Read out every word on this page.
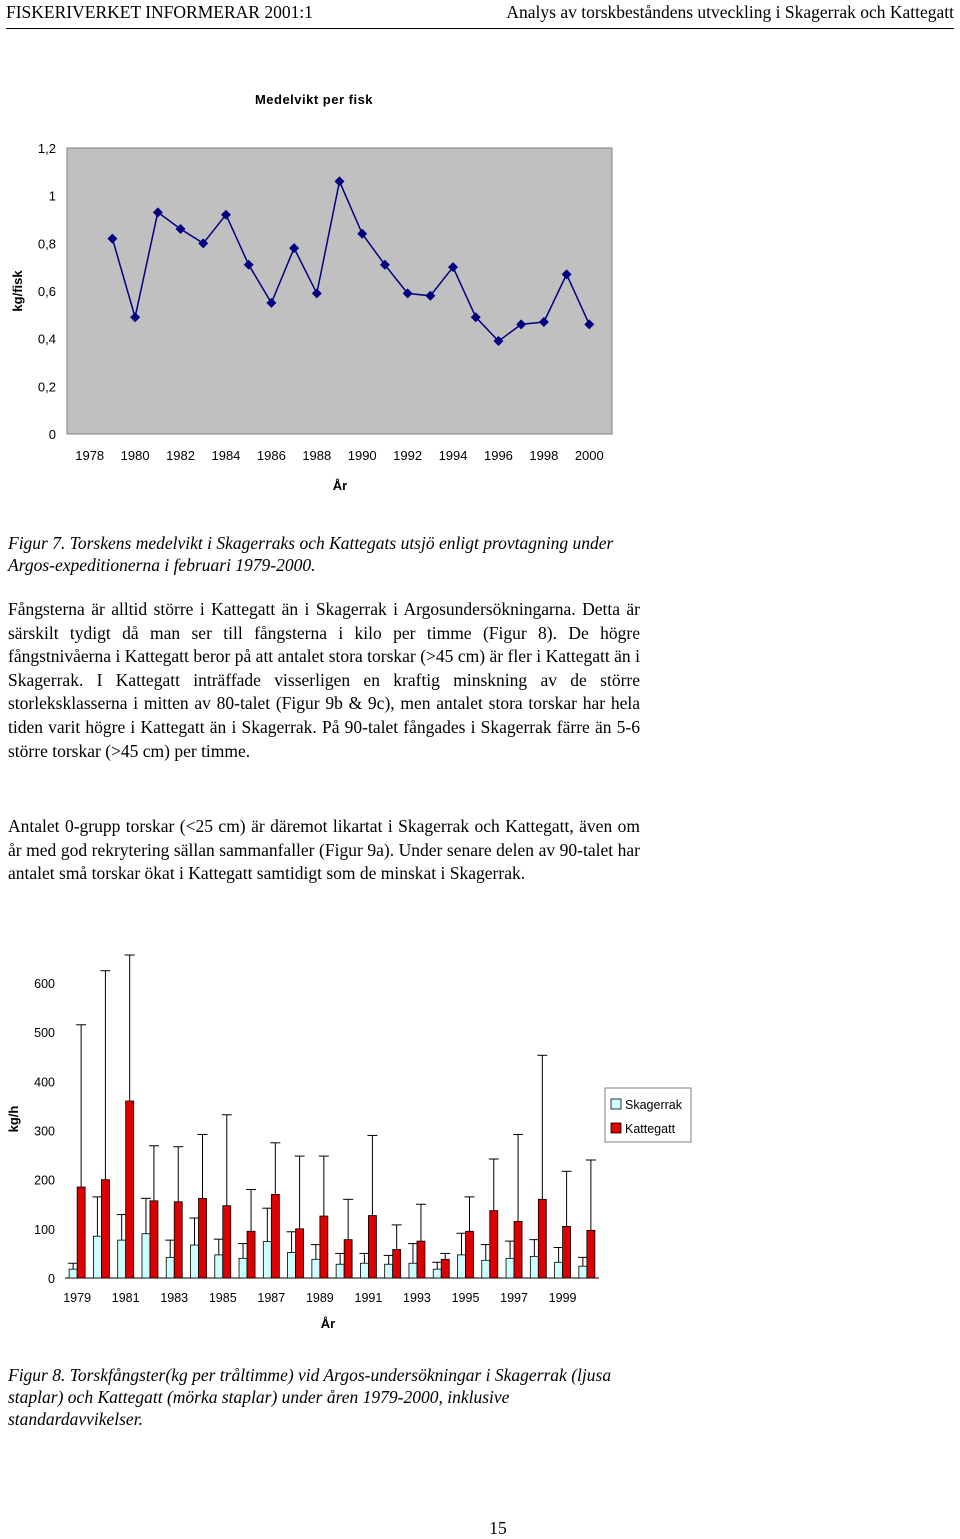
FISKERIVERKET INFORMERAR 2001:1	Analys av torskbeståndens utveckling i Skagerrak och Kattegatt
Medelvikt per fisk
0
0,2
0,4
0,6
0,8
1
1,2
1978 1980 1982 1984 1986 1988 1990 1992 1994 1996 1998 2000
År
kg/fisk

Figur 7. Torskens medelvikt i Skagerraks och Kattegats utsjö enligt provtagning under Argos-expeditionerna i februari 1979-2000.

Fångsterna är alltid större i Kattegatt än i Skagerrak i Argosundersökningarna. Detta är särskilt tydigt då man ser till fångsterna i kilo per timme (Figur 8). De högre fångstnivåerna i Kattegatt beror på att antalet stora torskar (>45 cm) är fler i Kattegatt än i Skagerrak. I Kattegatt inträffade visserligen en kraftig minskning av de större storleksklasserna i mitten av 80-talet (Figur 9b & 9c), men antalet stora torskar har hela tiden varit högre i Kattegatt än i Skagerrak. På 90-talet fångades i Skagerrak färre än 5-6 större torskar (>45 cm) per timme.

Antalet 0-grupp torskar (<25 cm) är däremot likartat i Skagerrak och Kattegatt, även om år med god rekrytering sällan sammanfaller (Figur 9a). Under senare delen av 90-talet har antalet små torskar ökat i Kattegatt samtidigt som de minskat i Skagerrak.

0
100
200
300
400
500
600
kg/h
1979 1981 1983 1985 1987 1989 1991 1993 1995 1997 1999
År
Skagerrak
Kattegatt

Figur 8. Torskfångster(kg per tråltimme) vid Argos-undersökningar i Skagerrak (ljusa staplar) och Kattegatt (mörka staplar) under åren 1979-2000, inklusive standardavvikelser.

15
